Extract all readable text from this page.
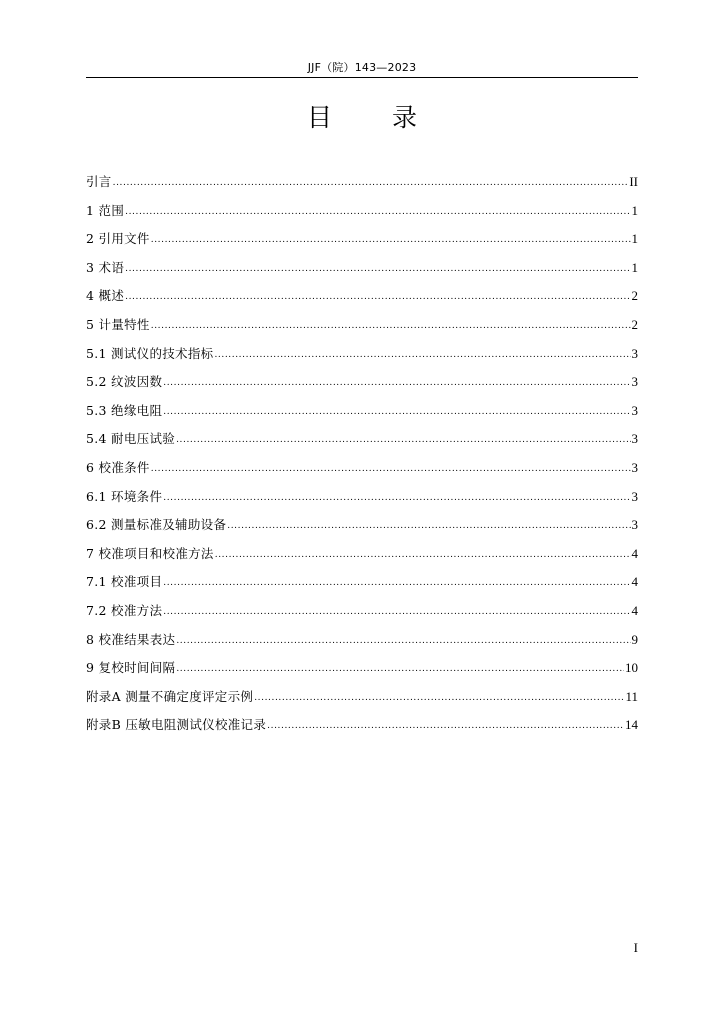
JJF（院）143—2023
目 录
引言 .....	II
1 范围 .....	1
2 引用文件 .....	1
3 术语 .....	1
4 概述 .....	2
5 计量特性 .....	2
5.1 测试仪的技术指标 .....	3
5.2 纹波因数 .....	3
5.3 绝缘电阻 .....	3
5.4 耐电压试验 .....	3
6 校准条件 .....	3
6.1 环境条件 .....	3
6.2 测量标准及辅助设备 .....	3
7 校准项目和校准方法 .....	4
7.1 校准项目 .....	4
7.2 校准方法 .....	4
8 校准结果表达 .....	9
9 复校时间间隔 .....	10
附录A 测量不确定度评定示例 .....	11
附录B 压敏电阻测试仪校准记录 .....	14
I
